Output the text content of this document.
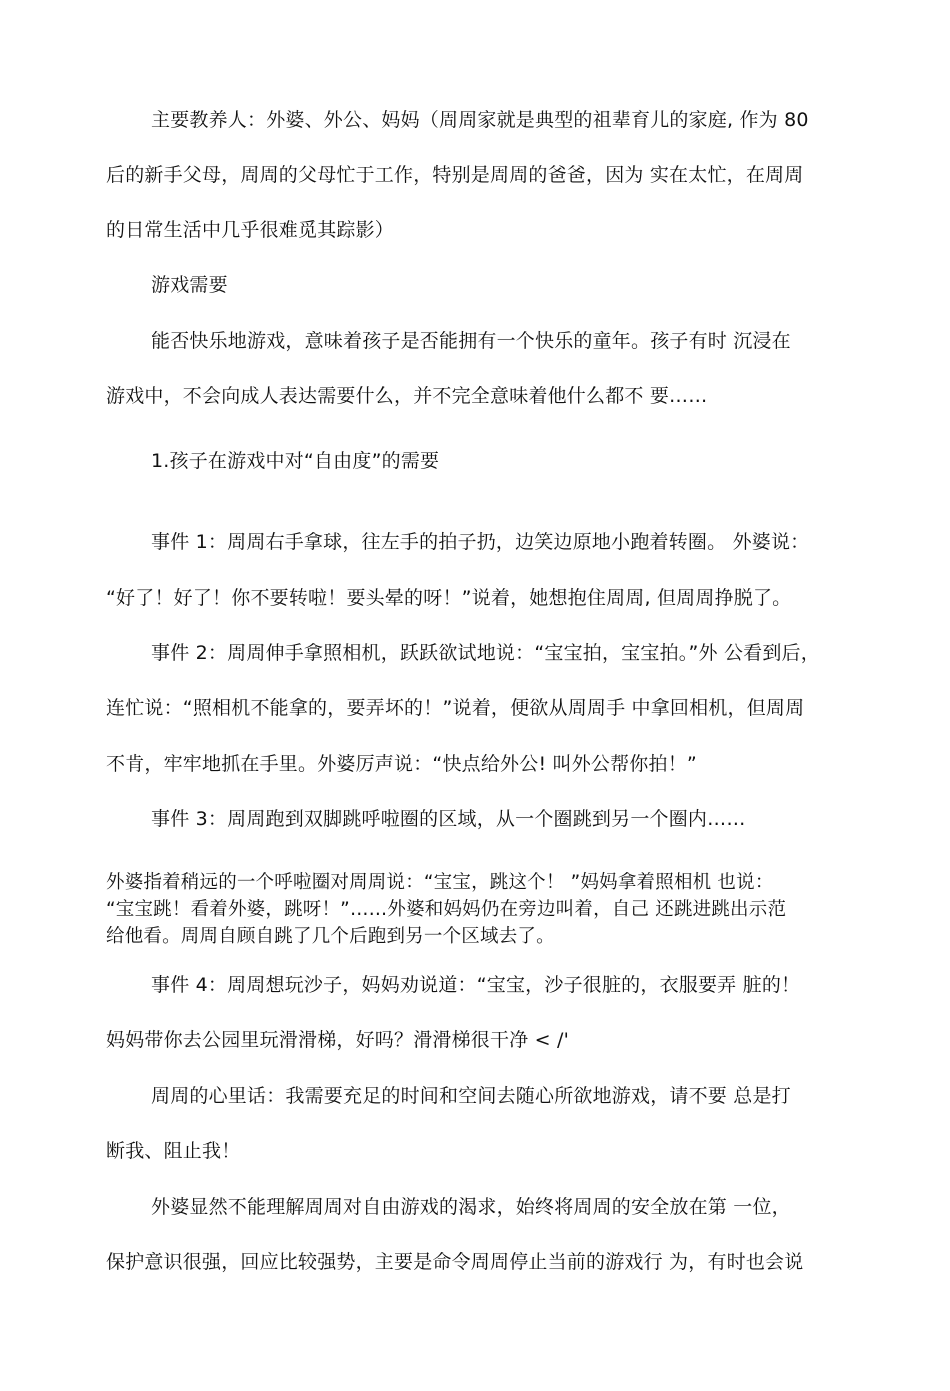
主要教养人：外婆、外公、妈妈（周周家就是典型的祖辈育儿的家庭, 作为 80
后的新手父母，周周的父母忙于工作，特别是周周的爸爸，因为 实在太忙，在周周
的日常生活中几乎很难觅其踪影）
游戏需要
能否快乐地游戏，意味着孩子是否能拥有一个快乐的童年。孩子有时 沉浸在
游戏中，不会向成人表达需要什么，并不完全意味着他什么都不 要……
1.孩子在游戏中对“自由度”的需要
事件 1：周周右手拿球，往左手的拍子扔，边笑边原地小跑着转圈。 外婆说：
“好了！好了！你不要转啦！要头晕的呀！”说着，她想抱住周周, 但周周挣脱了。
事件 2：周周伸手拿照相机，跃跃欲试地说：“宝宝拍，宝宝拍。”外 公看到后，
连忙说：“照相机不能拿的，要弄坏的！”说着，便欲从周周手 中拿回相机，但周周
不肯，牢牢地抓在手里。外婆厉声说：“快点给外公! 叫外公帮你拍！”
事件 3：周周跑到双脚跳呼啦圈的区域，从一个圈跳到另一个圈内……
外婆指着稍远的一个呼啦圈对周周说：“宝宝，跳这个！ ”妈妈拿着照相机 也说：
“宝宝跳！看着外婆，跳呀！”……外婆和妈妈仍在旁边叫着，自己 还跳进跳出示范
给他看。周周自顾自跳了几个后跑到另一个区域去了。
事件 4：周周想玩沙子，妈妈劝说道：“宝宝，沙子很脏的，衣服要弄 脏的！
妈妈带你去公园里玩滑滑梯，好吗？滑滑梯很干净 < /'
周周的心里话：我需要充足的时间和空间去随心所欲地游戏，请不要 总是打
断我、阻止我！
外婆显然不能理解周周对自由游戏的渴求，始终将周周的安全放在第 一位，
保护意识很强，回应比较强势，主要是命令周周停止当前的游戏行 为，有时也会说
